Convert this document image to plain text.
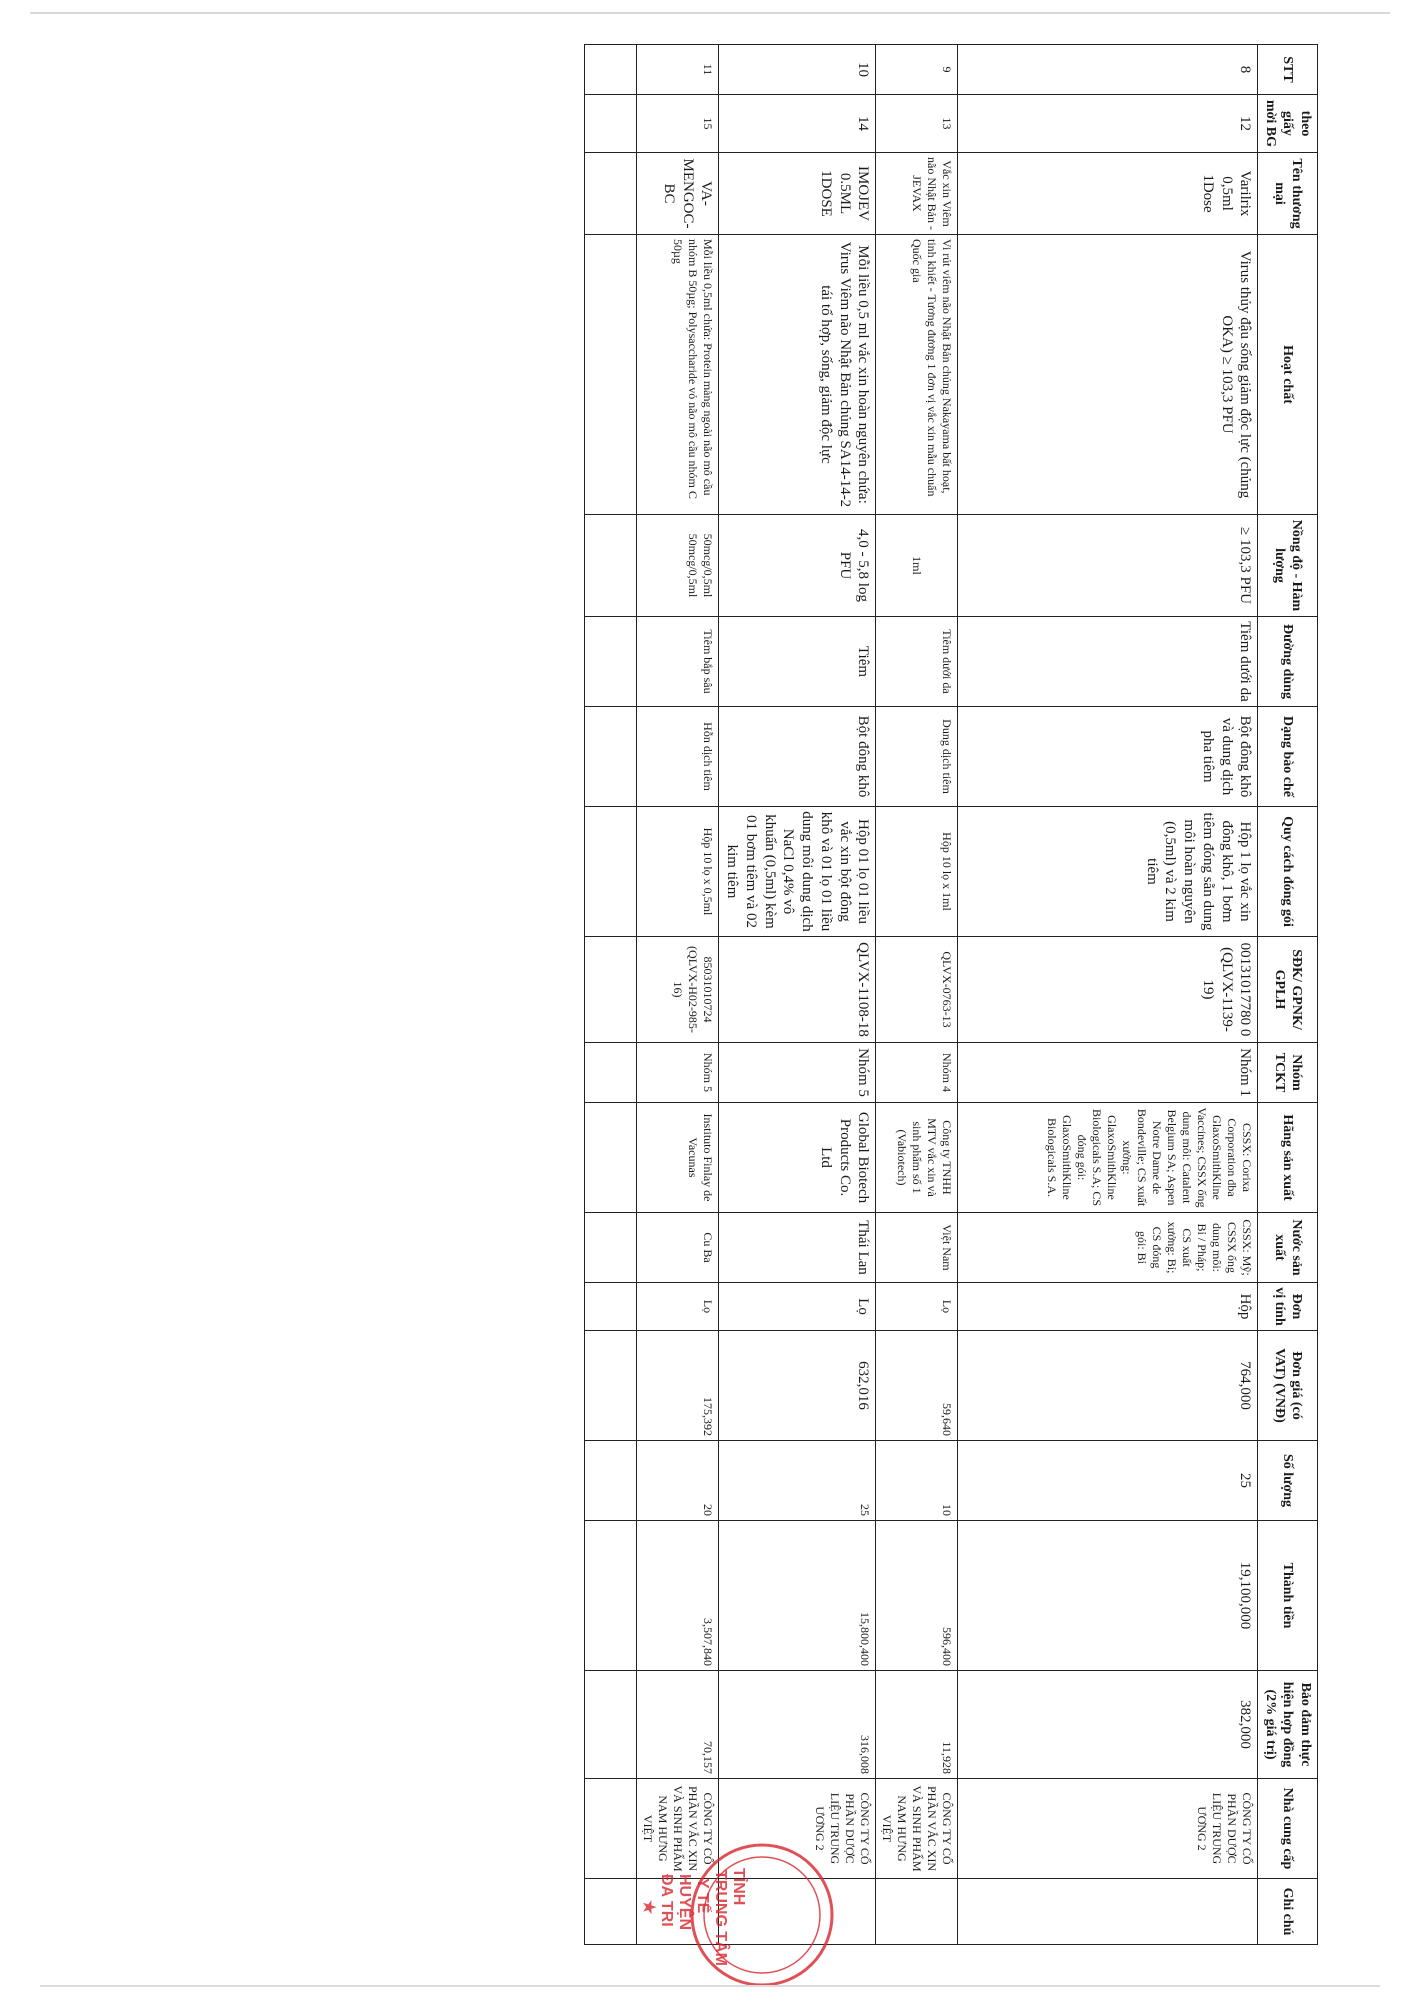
STT	theo giấy mời BG	Tên thương mại	Hoạt chất	Nồng độ - Hàm lượng	Đường dùng	Dạng bào chế	Quy cách đóng gói	SĐK/ GPNK/ GPLH	Nhóm TCKT	Hãng sản xuất	Nước sản xuất	Đơn vị tính	Đơn giá (có VAT) (VNĐ)	Số lượng	Thành tiền	Bảo đảm thực hiện hợp đồng (2% giá trị)	Nhà cung cấp	Ghi chú
8	12	Varilrix 0,5ml 1Dose	Virus thủy đậu sống giảm độc lực (chủng OKA) ≥ 103,3 PFU	≥ 103,3 PFU	Tiêm dưới da	Bột đông khô và dung dịch pha tiêm	Hộp 1 lọ vắc xin đông khô, 1 bơm tiêm đóng sẵn dung môi hoàn nguyên (0,5ml) và 2 kim tiêm	00131017780 0 (QLVX-1139-19)	Nhóm 1	CSSX: Corixa Corporation dba GlaxoSmithKline Vaccines; CSSX ống dung môi: Catalent Belgium SA; Aspen Notre Dame de Bondeville; CS xuất xưởng: GlaxoSmithKline Biologicals S.A; CS đóng gói: GlaxoSmithKline Biologicals S.A.	CSSX: Mỹ; CSSX ống dung môi: Bỉ / Pháp; CS xuất xưởng: Bỉ; CS đóng gói: Bỉ	Hộp	764,000	25	19,100,000	382,000	CÔNG TY CỔ PHẦN DƯỢC LIỆU TRUNG ƯƠNG 2	
9	13	Vắc xin Viêm não Nhật Bản - JEVAX	Vi rút viêm não Nhật Bản chủng Nakayama bất hoạt, tinh khiết - Tương đương 1 đơn vị vắc xin mẫu chuẩn Quốc gia	1ml	Tiêm dưới da	Dung dịch tiêm	Hộp 10 lọ x 1ml	QLVX-0763-13	Nhóm 4	Công ty TNHH MTV vắc xin và sinh phẩm số 1 (Vabiotech)	Việt Nam	Lọ	59,640	10	596,400	11,928	CÔNG TY CỔ PHẦN VẮC XIN VÀ SINH PHẨM NAM HƯNG VIỆT	
10	14	IMOJEV 0.5ML 1DOSE	Mỗi liều 0,5 ml vắc xin hoàn nguyên chứa: Virus Viêm não Nhật Bản chủng SA14-14-2 tái tổ hợp, sống, giảm độc lực	4,0 - 5,8 log PFU	Tiêm	Bột đông khô	Hộp 01 lọ 01 liều vắc xin bột đông khô và 01 lọ 01 liều dung môi dung dịch NaCl 0,4% vô khuẩn (0,5ml) kèm 01 bơm tiêm và 02 kim tiêm	QLVX-1108-18	Nhóm 5	Global Biotech Products Co. Ltd	Thái Lan	Lọ	632,016	25	15,800,400	316,008	CÔNG TY CỔ PHẦN DƯỢC LIỆU TRUNG ƯƠNG 2	
11	15	VA-MENGOC-BC	Mỗi liều 0,5ml chứa: Protein màng ngoài não mô cầu nhóm B 50µg; Polysaccharide vỏ não mô cầu nhóm C 50µg	50mcg/0,5ml 50mcg/0,5ml	Tiêm bắp sâu	Hỗn dịch tiêm	Hộp 10 lọ x 0,5ml	85031010724 (QLVX-H02-985-16)	Nhóm 5	Instituto Finlay de Vacunas	Cu Ba	Lọ	175,392	20	3,507,840	70,157	CÔNG TY CỔ PHẦN VẮC XIN VÀ SINH PHẨM NAM HƯNG VIỆT	

TỈNH
TRUNG TÂM
Y TẾ
HUYỆN
ĐA TRI
★
